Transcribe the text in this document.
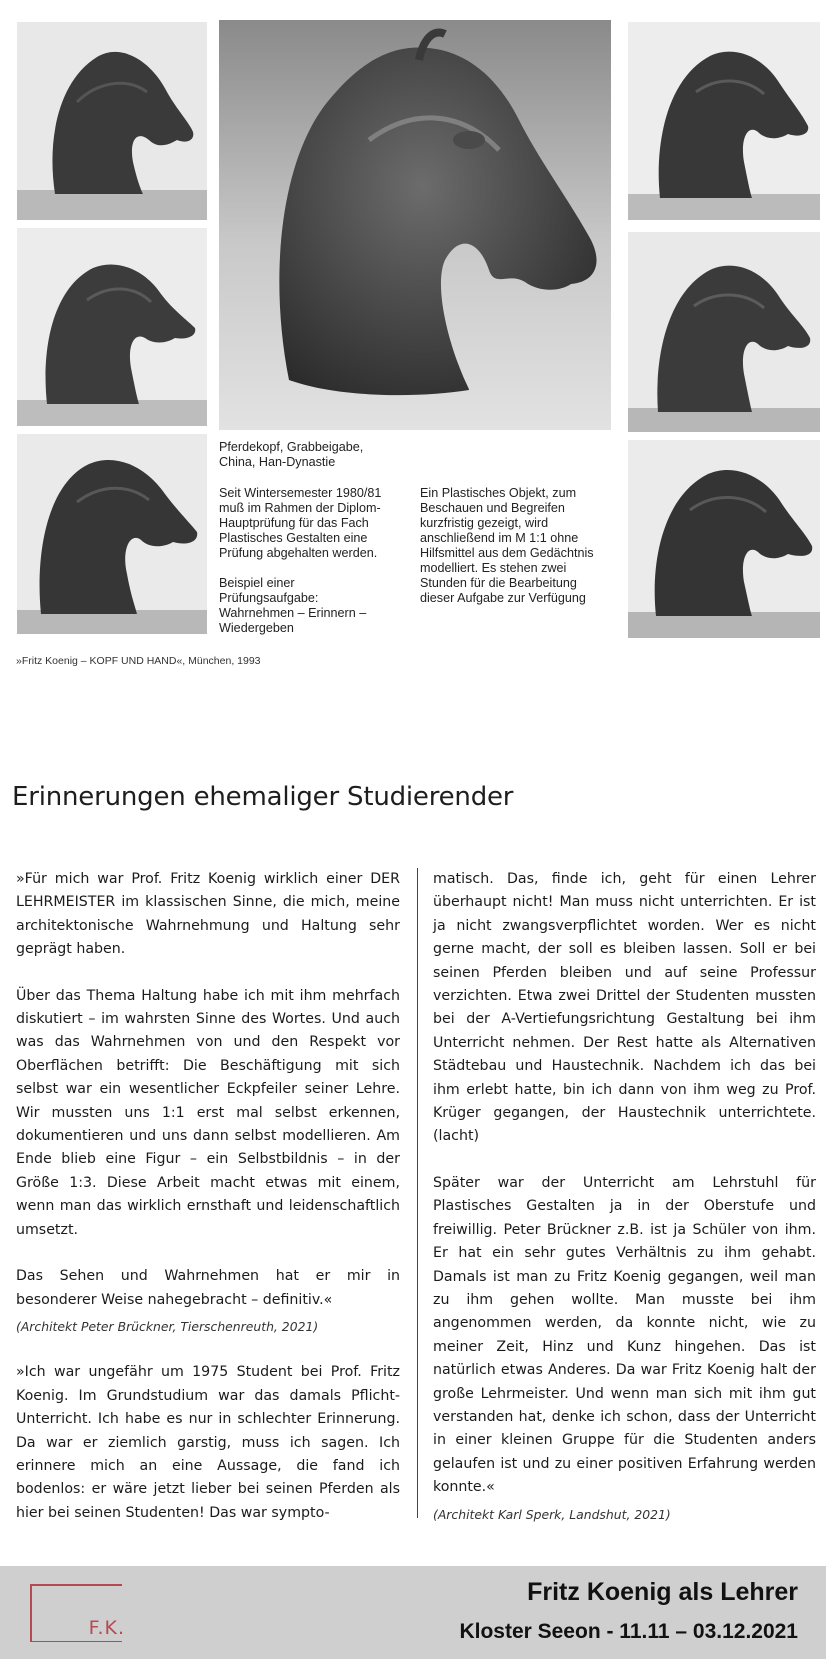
Pferdekopf, Grabbeigabe,
China, Han-Dynastie
Seit Wintersemester 1980/81
muß im Rahmen der Diplom-
Hauptprüfung für das Fach
Plastisches Gestalten eine
Prüfung abgehalten werden.

Beispiel einer
Prüfungsaufgabe:
Wahrnehmen – Erinnern –
Wiedergeben
Ein Plastisches Objekt, zum
Beschauen und Begreifen
kurzfristig gezeigt, wird
anschließend im M 1:1 ohne
Hilfsmittel aus dem Gedächtnis
modelliert. Es stehen zwei
Stunden für die Bearbeitung
dieser Aufgabe zur Verfügung
»Fritz Koenig – KOPF UND HAND«, München, 1993
Erinnerungen ehemaliger Studierender

»Für mich war Prof. Fritz Koenig wirklich einer DER LEHRMEISTER im klassischen Sinne, die mich, meine architektonische Wahrnehmung und Haltung sehr geprägt haben.

Über das Thema Haltung habe ich mit ihm mehrfach diskutiert – im wahrsten Sinne des Wortes. Und auch was das Wahrnehmen von und den Respekt vor Oberflächen betrifft: Die Beschäftigung mit sich selbst war ein wesentlicher Eckpfeiler seiner Lehre. Wir mussten uns 1:1 erst mal selbst erkennen, dokumentieren und uns dann selbst modellieren. Am Ende blieb eine Figur – ein Selbstbildnis – in der Größe 1:3. Diese Arbeit macht etwas mit einem, wenn man das wirklich ernsthaft und leidenschaftlich umsetzt.

Das Sehen und Wahrnehmen hat er mir in besonderer Weise nahegebracht – definitiv.«

(Architekt Peter Brückner, Tierschenreuth, 2021)

»Ich war ungefähr um 1975 Student bei Prof. Fritz Koenig. Im Grundstudium war das damals Pflicht-Unterricht. Ich habe es nur in schlechter Erinnerung. Da war er ziemlich garstig, muss ich sagen. Ich erinnere mich an eine Aussage, die fand ich bodenlos: er wäre jetzt lieber bei seinen Pferden als hier bei seinen Studenten! Das war sympto-

matisch. Das, finde ich, geht für einen Lehrer überhaupt nicht! Man muss nicht unterrichten. Er ist ja nicht zwangsverpflichtet worden. Wer es nicht gerne macht, der soll es bleiben lassen. Soll er bei seinen Pferden bleiben und auf seine Professur verzichten. Etwa zwei Drittel der Studenten mussten bei der A-Vertiefungsrichtung Gestaltung bei ihm Unterricht nehmen. Der Rest hatte als Alternativen Städtebau und Haustechnik. Nachdem ich das bei ihm erlebt hatte, bin ich dann von ihm weg zu Prof. Krüger gegangen, der Haustechnik unterrichtete. (lacht)

Später war der Unterricht am Lehrstuhl für Plastisches Gestalten ja in der Oberstufe und freiwillig. Peter Brückner z.B. ist ja Schüler von ihm. Er hat ein sehr gutes Verhältnis zu ihm gehabt. Damals ist man zu Fritz Koenig gegangen, weil man zu ihm gehen wollte. Man musste bei ihm angenommen werden, da konnte nicht, wie zu meiner Zeit, Hinz und Kunz hingehen. Das ist natürlich etwas Anderes. Da war Fritz Koenig halt der große Lehrmeister. Und wenn man sich mit ihm gut verstanden hat, denke ich schon, dass der Unterricht in einer kleinen Gruppe für die Studenten anders gelaufen ist und zu einer positiven Erfahrung werden konnte.«

(Architekt Karl Sperk, Landshut, 2021)

F.K.
Fritz Koenig als Lehrer
Kloster Seeon - 11.11 – 03.12.2021
